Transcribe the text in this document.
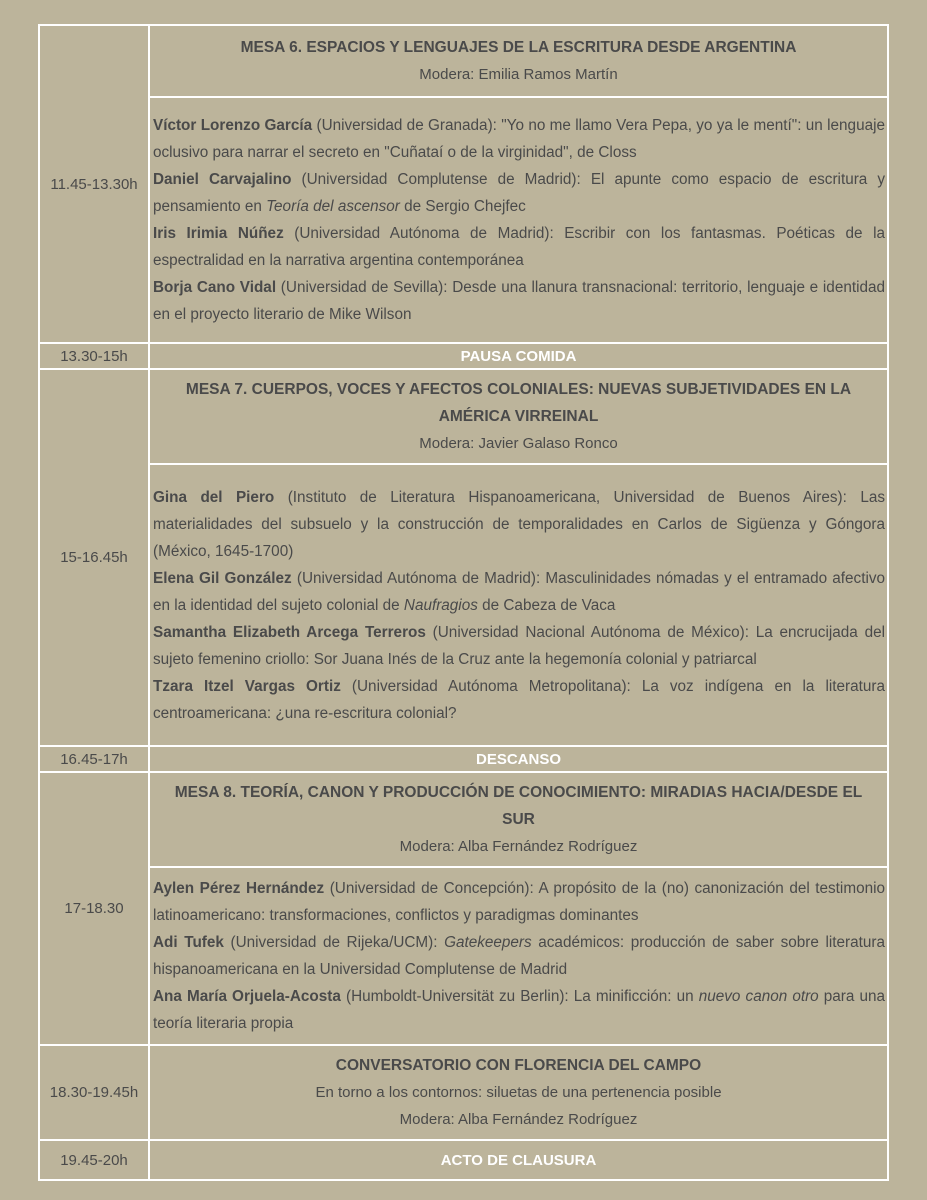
11.45-13.30h	MESA 6. ESPACIOS Y LENGUAJES DE LA ESCRITURA DESDE ARGENTINA
Modera: Emilia Ramos Martín

	Víctor Lorenzo García (Universidad de Granada): "Yo no me llamo Vera Pepa, yo ya le mentí": un lenguaje oclusivo para narrar el secreto en "Cuñataí o de la virginidad", de Closs
Daniel Carvajalino (Universidad Complutense de Madrid): El apunte como espacio de escritura y pensamiento en Teoría del ascensor de Sergio Chejfec
Iris Irimia Núñez (Universidad Autónoma de Madrid): Escribir con los fantasmas. Poéticas de la espectralidad en la narrativa argentina contemporánea
Borja Cano Vidal (Universidad de Sevilla): Desde una llanura transnacional: territorio, lenguaje e identidad en el proyecto literario de Mike Wilson

13.30-15h	PAUSA COMIDA
15-16.45h	MESA 7. CUERPOS, VOCES Y AFECTOS COLONIALES: NUEVAS SUBJETIVIDADES EN LA AMÉRICA VIRREINAL
Modera: Javier Galaso Ronco

	Gina del Piero (Instituto de Literatura Hispanoamericana, Universidad de Buenos Aires): Las materialidades del subsuelo y la construcción de temporalidades en Carlos de Sigüenza y Góngora (México, 1645-1700)
Elena Gil González (Universidad Autónoma de Madrid): Masculinidades nómadas y el entramado afectivo en la identidad del sujeto colonial de Naufragios de Cabeza de Vaca
Samantha Elizabeth Arcega Terreros (Universidad Nacional Autónoma de México): La encrucijada del sujeto femenino criollo: Sor Juana Inés de la Cruz ante la hegemonía colonial y patriarcal
Tzara Itzel Vargas Ortiz (Universidad Autónoma Metropolitana): La voz indígena en la literatura centroamericana: ¿una re-escritura colonial?

16.45-17h	DESCANSO
17-18.30	MESA 8. TEORÍA, CANON Y PRODUCCIÓN DE CONOCIMIENTO: MIRADIAS HACIA/DESDE EL SUR
Modera: Alba Fernández Rodríguez

	Aylen Pérez Hernández (Universidad de Concepción): A propósito de la (no) canonización del testimonio latinoamericano: transformaciones, conflictos y paradigmas dominantes
Adi Tufek (Universidad de Rijeka/UCM): Gatekeepers académicos: producción de saber sobre literatura hispanoamericana en la Universidad Complutense de Madrid
Ana María Orjuela-Acosta (Humboldt-Universität zu Berlin): La minificción: un nuevo canon otro para una teoría literaria propia

18.30-19.45h	CONVERSATORIO CON FLORENCIA DEL CAMPO
En torno a los contornos: siluetas de una pertenencia posible
Modera: Alba Fernández Rodríguez

19.45-20h	ACTO DE CLAUSURA
